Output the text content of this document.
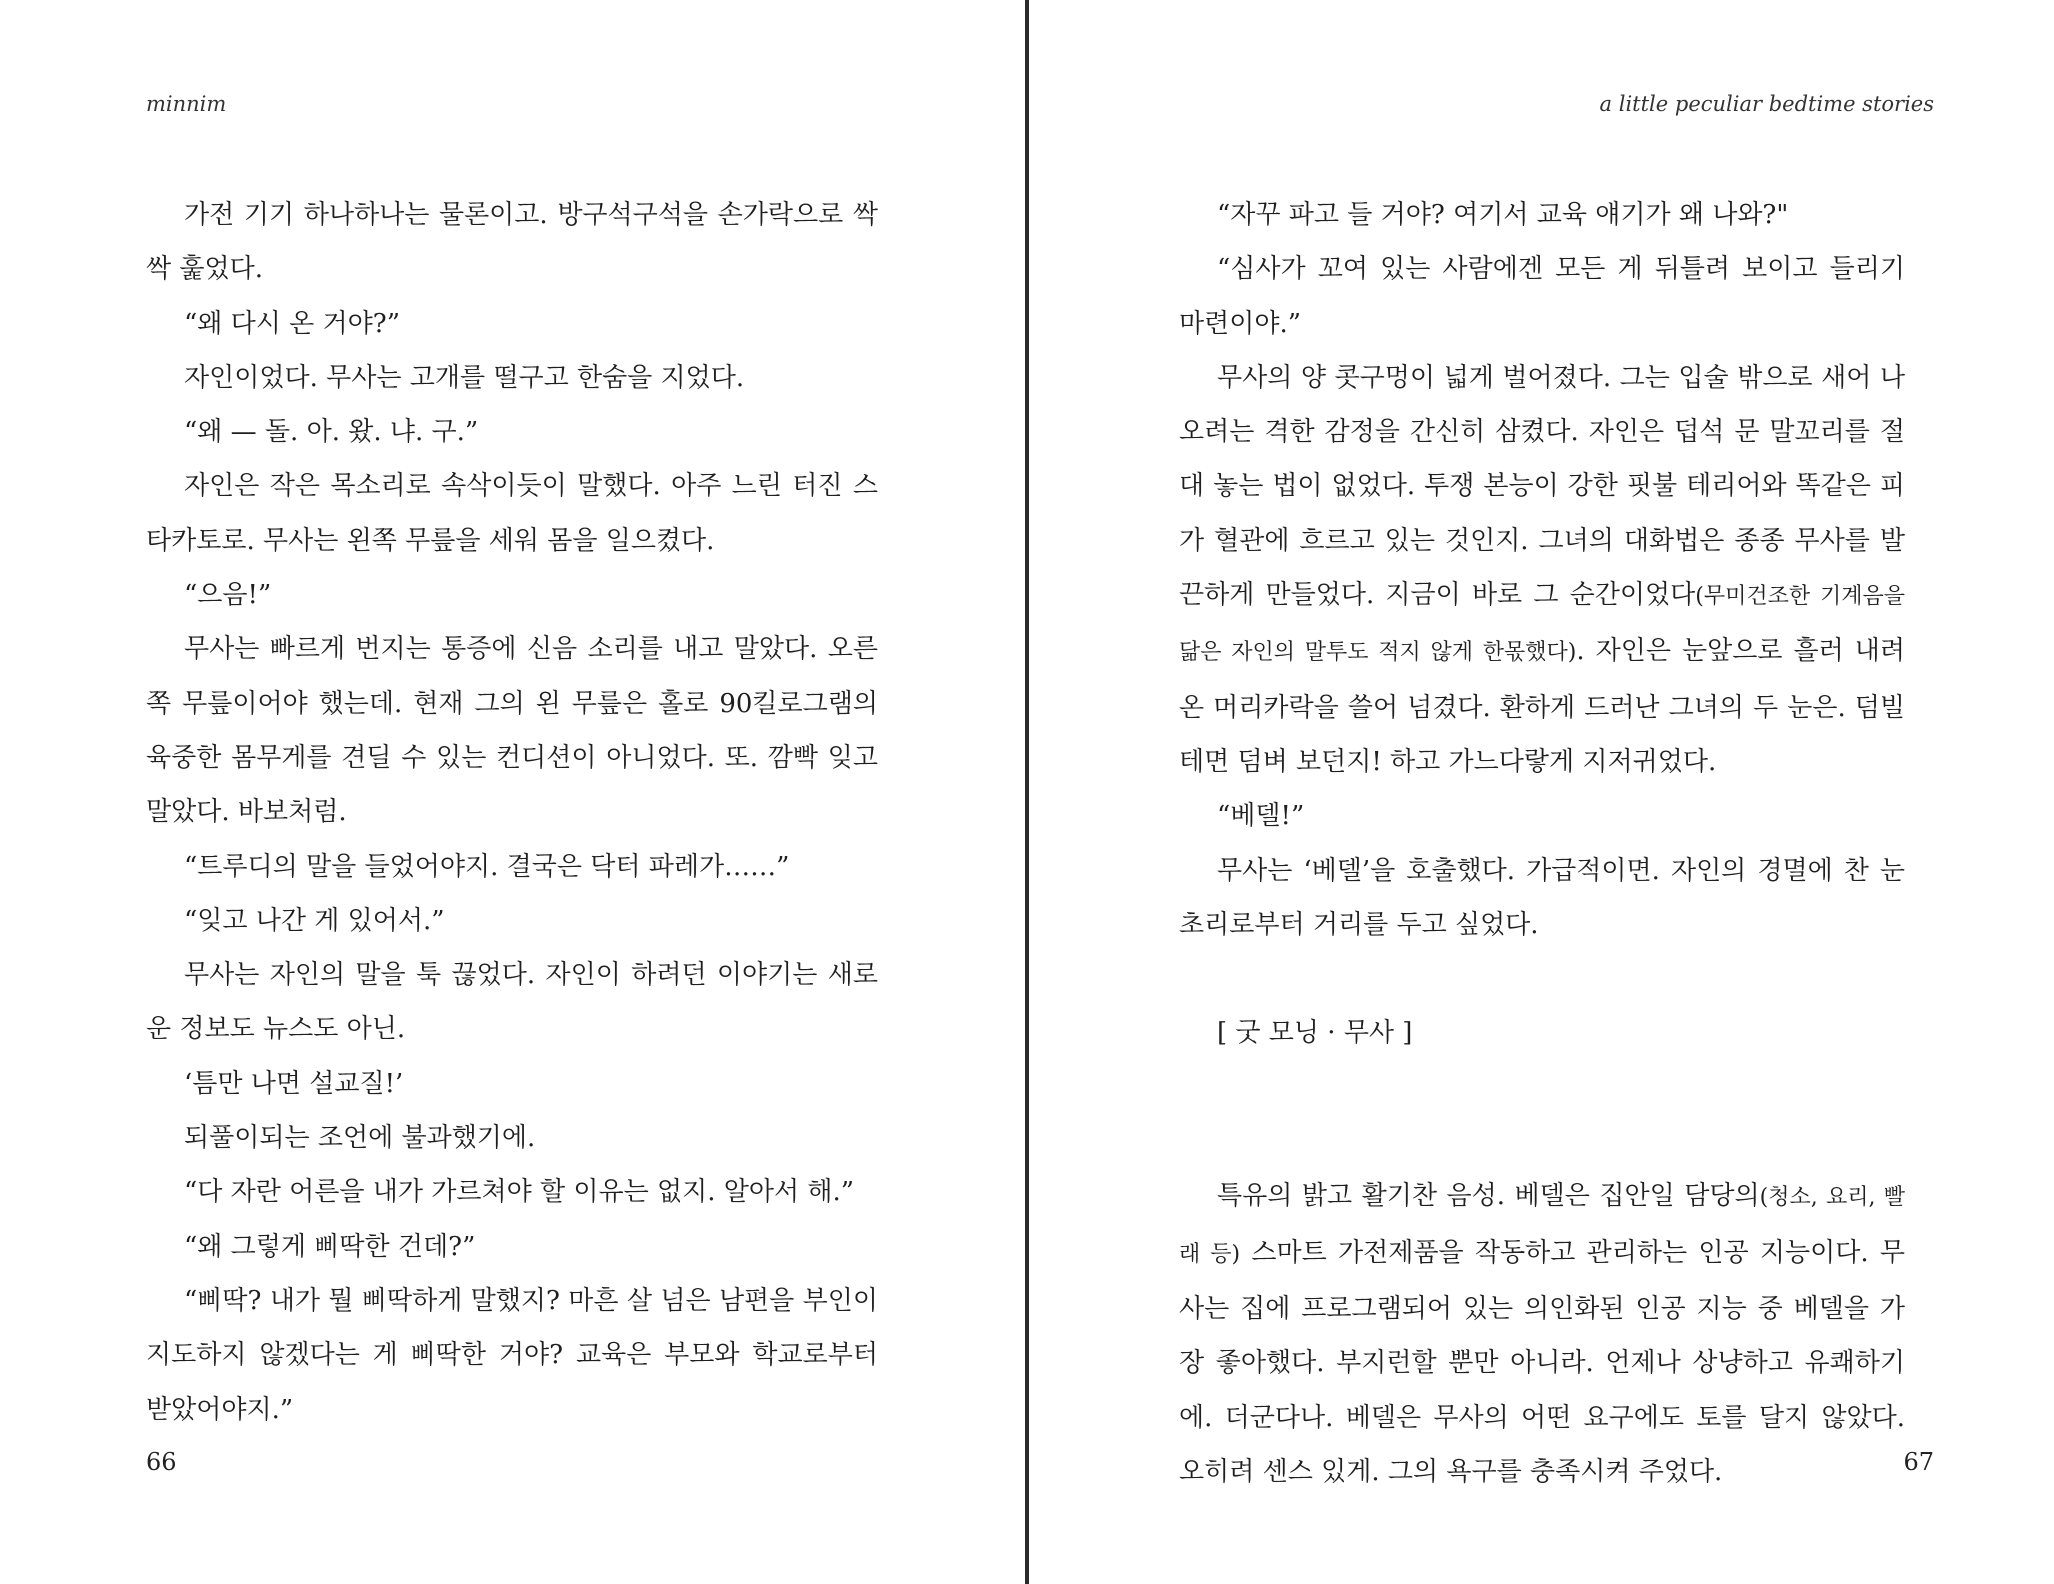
minnim

가전 기기 하나하나는 물론이고. 방구석구석을 손가락으로 싹싹 훑었다.

“왜 다시 온 거야?”

자인이었다. 무사는 고개를 떨구고 한숨을 지었다.

“왜 — 돌. 아. 왔. 냐. 구.”

자인은 작은 목소리로 속삭이듯이 말했다. 아주 느린 터진 스타카토로. 무사는 왼쪽 무릎을 세워 몸을 일으켰다.

“으음!”

무사는 빠르게 번지는 통증에 신음 소리를 내고 말았다. 오른쪽 무릎이어야 했는데. 현재 그의 왼 무릎은 홀로 90킬로그램의 육중한 몸무게를 견딜 수 있는 컨디션이 아니었다. 또. 깜빡 잊고 말았다. 바보처럼.

“트루디의 말을 들었어야지. 결국은 닥터 파레가……”

“잊고 나간 게 있어서.”

무사는 자인의 말을 툭 끊었다. 자인이 하려던 이야기는 새로운 정보도 뉴스도 아닌.

‘틈만 나면 설교질!’

되풀이되는 조언에 불과했기에.

“다 자란 어른을 내가 가르쳐야 할 이유는 없지. 알아서 해.”

“왜 그렇게 삐딱한 건데?”

“삐딱? 내가 뭘 삐딱하게 말했지? 마흔 살 넘은 남편을 부인이 지도하지 않겠다는 게 삐딱한 거야? 교육은 부모와 학교로부터 받았어야지.”

66
a little peculiar bedtime stories

“자꾸 파고 들 거야? 여기서 교육 얘기가 왜 나와?"

“심사가 꼬여 있는 사람에겐 모든 게 뒤틀려 보이고 들리기 마련이야.”

무사의 양 콧구멍이 넓게 벌어졌다. 그는 입술 밖으로 새어 나오려는 격한 감정을 간신히 삼켰다. 자인은 덥석 문 말꼬리를 절대 놓는 법이 없었다. 투쟁 본능이 강한 핏불 테리어와 똑같은 피가 혈관에 흐르고 있는 것인지. 그녀의 대화법은 종종 무사를 발끈하게 만들었다. 지금이 바로 그 순간이었다(무미건조한 기계음을 닮은 자인의 말투도 적지 않게 한몫했다). 자인은 눈앞으로 흘러 내려온 머리카락을 쓸어 넘겼다. 환하게 드러난 그녀의 두 눈은. 덤빌 테면 덤벼 보던지! 하고 가느다랗게 지저귀었다.

“베델!”

무사는 ‘베델’을 호출했다. 가급적이면. 자인의 경멸에 찬 눈초리로부터 거리를 두고 싶었다.

[ 굿 모닝 · 무사 ]

특유의 밝고 활기찬 음성. 베델은 집안일 담당의(청소, 요리, 빨래 등) 스마트 가전제품을 작동하고 관리하는 인공 지능이다. 무사는 집에 프로그램되어 있는 의인화된 인공 지능 중 베델을 가장 좋아했다. 부지런할 뿐만 아니라. 언제나 상냥하고 유쾌하기에. 더군다나. 베델은 무사의 어떤 요구에도 토를 달지 않았다. 오히려 센스 있게. 그의 욕구를 충족시켜 주었다.	67
